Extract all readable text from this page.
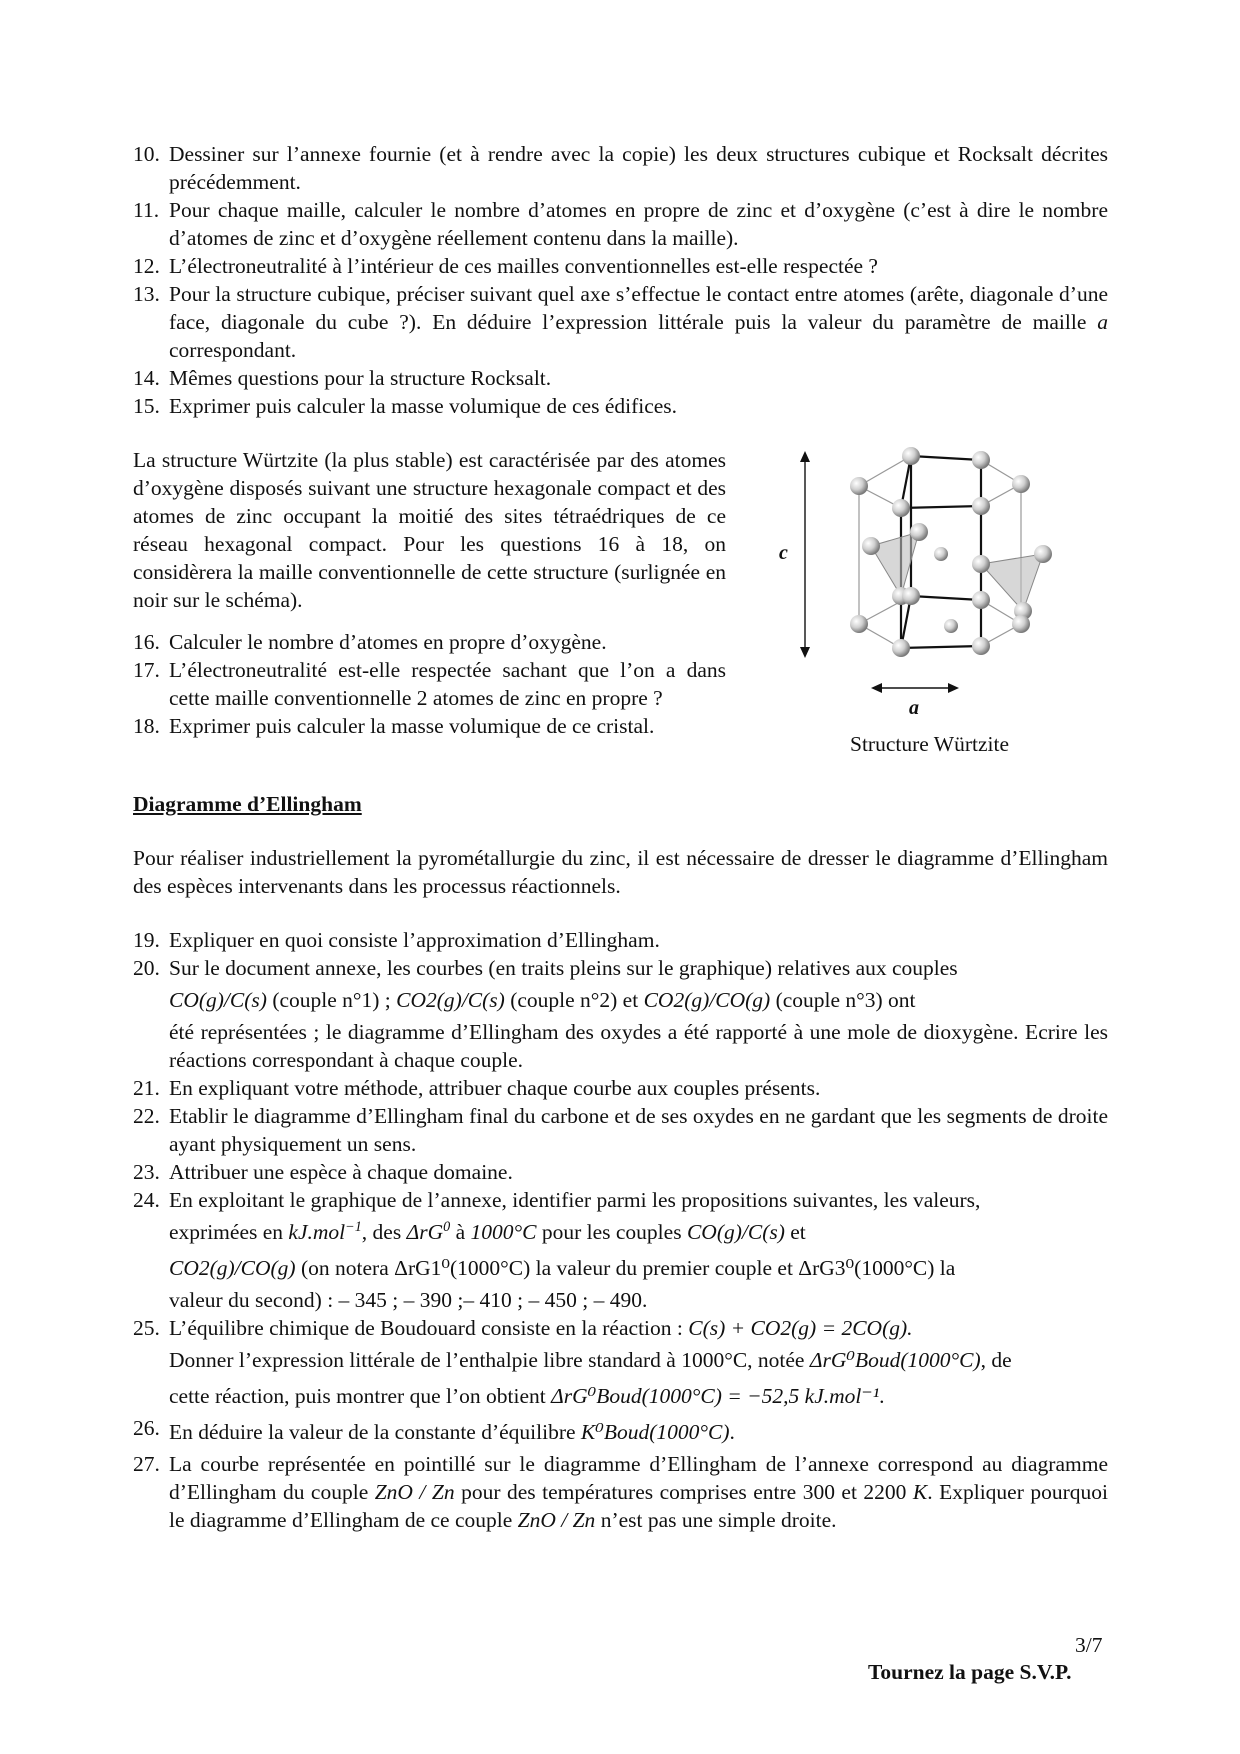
10. Dessiner sur l’annexe fournie (et à rendre avec la copie) les deux structures cubique et Rocksalt décrites précédemment.
11. Pour chaque maille, calculer le nombre d’atomes en propre de zinc et d’oxygène (c’est à dire le nombre d’atomes de zinc et d’oxygène réellement contenu dans la maille).
12. L’électroneutralité à l’intérieur de ces mailles conventionnelles est-elle respectée ?
13. Pour la structure cubique, préciser suivant quel axe s’effectue le contact entre atomes (arête, diagonale d’une face, diagonale du cube ?). En déduire l’expression littérale puis la valeur du paramètre de maille a correspondant.
14. Mêmes questions pour la structure Rocksalt.
15. Exprimer puis calculer la masse volumique de ces édifices.

La structure Würtzite (la plus stable) est caractérisée par des atomes d’oxygène disposés suivant une structure hexagonale compact et des atomes de zinc occupant la moitié des sites tétraédriques de ce réseau hexagonal compact. Pour les questions 16 à 18, on considèrera la maille conventionnelle de cette structure (surlignée en noir sur le schéma).

16. Calculer le nombre d’atomes en propre d’oxygène.
17. L’électroneutralité est-elle respectée sachant que l’on a dans cette maille conventionnelle 2 atomes de zinc en propre ?
18. Exprimer puis calculer la masse volumique de ce cristal.
c
a
Structure Würtzite
Diagramme d’Ellingham

Pour réaliser industriellement la pyrométallurgie du zinc, il est nécessaire de dresser le diagramme d’Ellingham des espèces intervenants dans les processus réactionnels.

19. Expliquer en quoi consiste l’approximation d’Ellingham.
20. Sur le document annexe, les courbes (en traits pleins sur le graphique) relatives aux couples
CO(g)/C(s) (couple n°1) ; CO2(g)/C(s) (couple n°2) et CO2(g)/CO(g) (couple n°3) ont
été représentées ; le diagramme d’Ellingham des oxydes a été rapporté à une mole de dioxygène. Ecrire les réactions correspondant à chaque couple.
21. En expliquant votre méthode, attribuer chaque courbe aux couples présents.
22. Etablir le diagramme d’Ellingham final du carbone et de ses oxydes en ne gardant que les segments de droite ayant physiquement un sens.
23. Attribuer une espèce à chaque domaine.
24. En exploitant le graphique de l’annexe, identifier parmi les propositions suivantes, les valeurs,
exprimées en kJ.mol$^{-1}$, des ΔrG$^0$ à 1000°C pour les couples CO(g)/C(s) et
CO2(g)/CO(g) (on notera ΔrG1⁰(1000°C) la valeur du premier couple et ΔrG3⁰(1000°C) la
valeur du second) : – 345 ; – 390 ;– 410 ; – 450 ; – 490.
25. L’équilibre chimique de Boudouard consiste en la réaction : C(s) + CO2(g) = 2CO(g).
Donner l’expression littérale de l’enthalpie libre standard à 1000°C, notée ΔrG⁰Boud(1000°C), de
cette réaction, puis montrer que l’on obtient ΔrG⁰Boud(1000°C) = −52,5 kJ.mol⁻¹.
26. En déduire la valeur de la constante d’équilibre K⁰Boud(1000°C).
27. La courbe représentée en pointillé sur le diagramme d’Ellingham de l’annexe correspond au diagramme d’Ellingham du couple ZnO / Zn pour des températures comprises entre 300 et 2200 K. Expliquer pourquoi le diagramme d’Ellingham de ce couple ZnO / Zn n’est pas une simple droite.
3/7
Tournez la page S.V.P.
